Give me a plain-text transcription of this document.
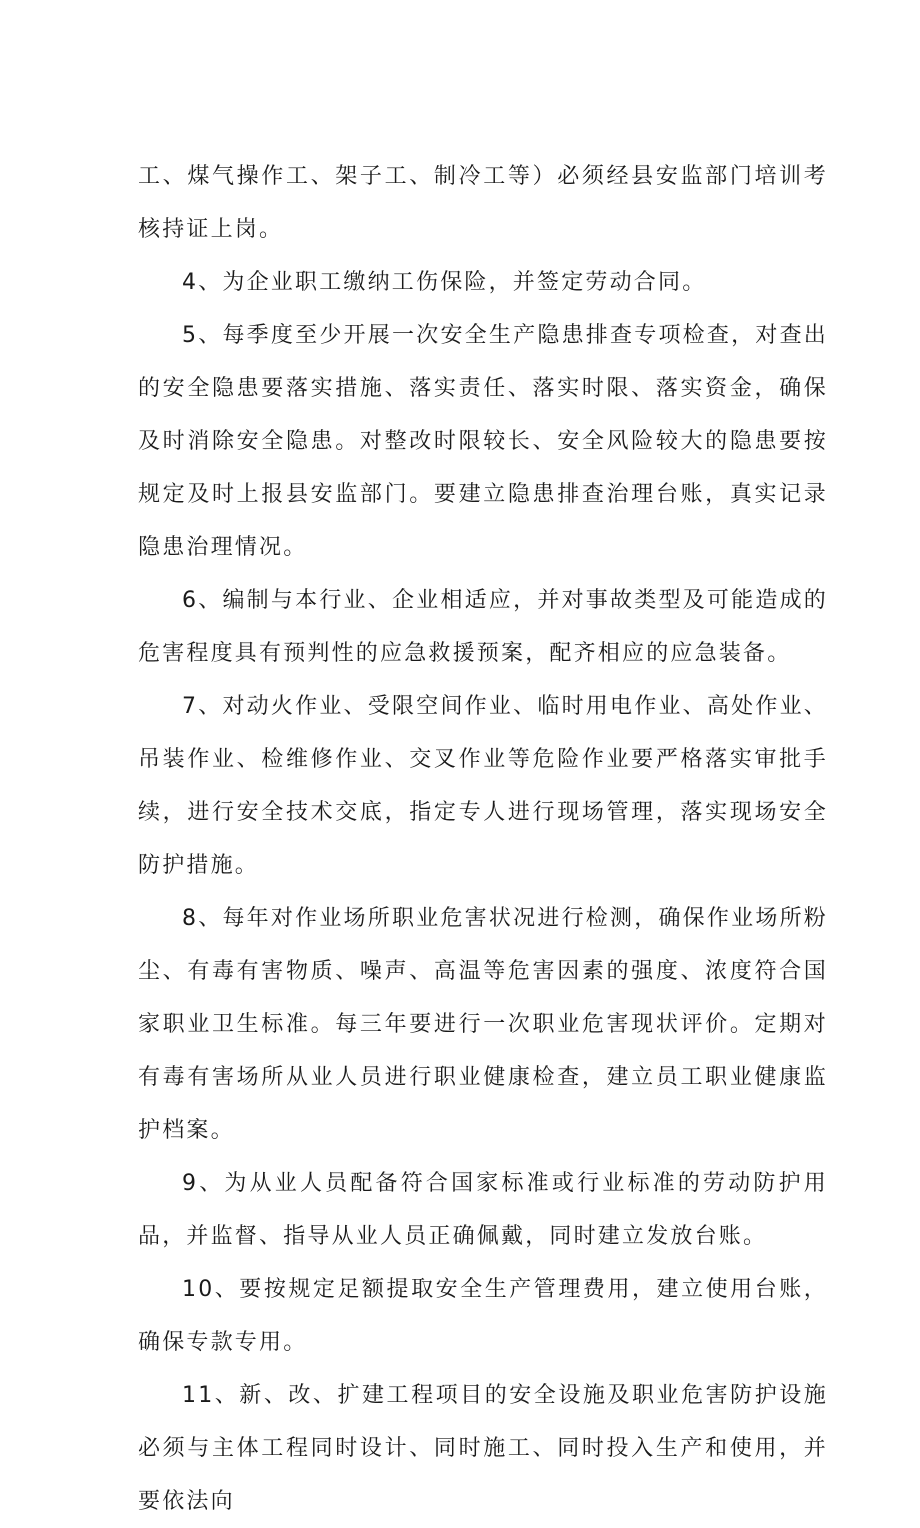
工、煤气操作工、架子工、制冷工等）必须经县安监部门培训考核持证上岗。

4、为企业职工缴纳工伤保险，并签定劳动合同。

5、每季度至少开展一次安全生产隐患排查专项检查，对查出的安全隐患要落实措施、落实责任、落实时限、落实资金，确保及时消除安全隐患。对整改时限较长、安全风险较大的隐患要按规定及时上报县安监部门。要建立隐患排查治理台账，真实记录隐患治理情况。

6、编制与本行业、企业相适应，并对事故类型及可能造成的危害程度具有预判性的应急救援预案，配齐相应的应急装备。

7、对动火作业、受限空间作业、临时用电作业、高处作业、吊装作业、检维修作业、交叉作业等危险作业要严格落实审批手续，进行安全技术交底，指定专人进行现场管理，落实现场安全防护措施。

8、每年对作业场所职业危害状况进行检测，确保作业场所粉尘、有毒有害物质、噪声、高温等危害因素的强度、浓度符合国家职业卫生标准。每三年要进行一次职业危害现状评价。定期对有毒有害场所从业人员进行职业健康检查，建立员工职业健康监护档案。

9、为从业人员配备符合国家标准或行业标准的劳动防护用品，并监督、指导从业人员正确佩戴，同时建立发放台账。

10、要按规定足额提取安全生产管理费用，建立使用台账，确保专款专用。

11、新、改、扩建工程项目的安全设施及职业危害防护设施必须与主体工程同时设计、同时施工、同时投入生产和使用，并要依法向
